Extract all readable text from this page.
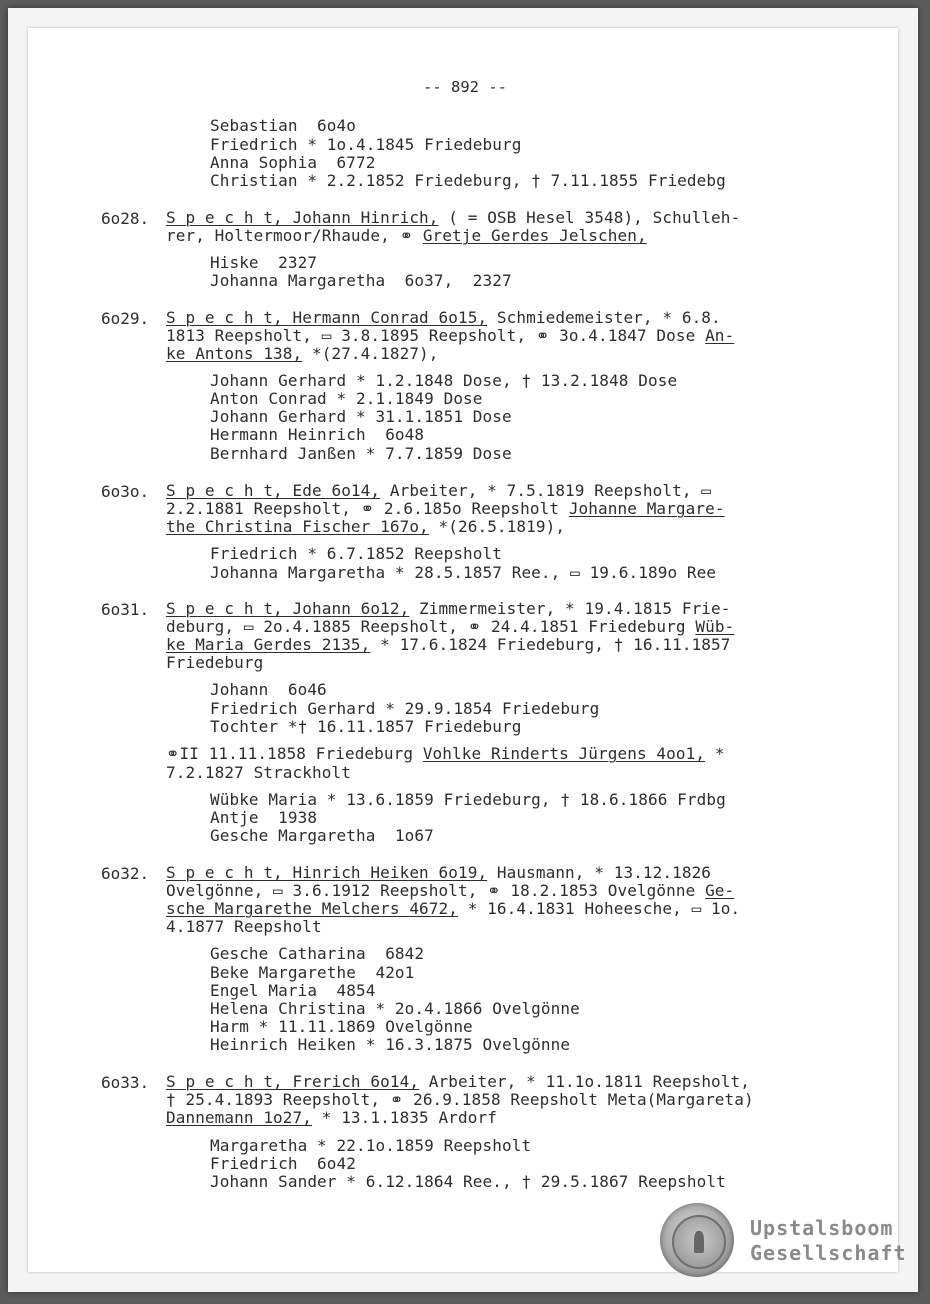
-- 892 --
Sebastian  6o4o
Friedrich * 1o.4.1845 Friedeburg
Anna Sophia  6772
Christian * 2.2.1852 Friedeburg, † 7.11.1855 Friedebg
6o28. S p e c h t, Johann Hinrich, ( = OSB Hesel 3548), Schulleh-
rer, Holtermoor/Rhaude, ⚭ Gretje Gerdes Jelschen,
Hiske  2327
Johanna Margaretha  6o37,  2327
6o29. S p e c h t, Hermann Conrad 6o15, Schmiedemeister, * 6.8.
1813 Reepsholt, ▭ 3.8.1895 Reepsholt, ⚭ 3o.4.1847 Dose An-
ke Antons 138, *(27.4.1827),
Johann Gerhard * 1.2.1848 Dose, † 13.2.1848 Dose
Anton Conrad * 2.1.1849 Dose
Johann Gerhard * 31.1.1851 Dose
Hermann Heinrich  6o48
Bernhard Janßen * 7.7.1859 Dose
6o3o. S p e c h t, Ede 6o14, Arbeiter, * 7.5.1819 Reepsholt, ▭
2.2.1881 Reepsholt, ⚭ 2.6.185o Reepsholt Johanne Margare-
the Christina Fischer 167o, *(26.5.1819),
Friedrich * 6.7.1852 Reepsholt
Johanna Margaretha * 28.5.1857 Ree., ▭ 19.6.189o Ree
6o31. S p e c h t, Johann 6o12, Zimmermeister, * 19.4.1815 Frie-
deburg, ▭ 2o.4.1885 Reepsholt, ⚭ 24.4.1851 Friedeburg Wüb-
ke Maria Gerdes 2135, * 17.6.1824 Friedeburg, † 16.11.1857
Friedeburg
Johann  6o46
Friedrich Gerhard * 29.9.1854 Friedeburg
Tochter *† 16.11.1857 Friedeburg
⚭II 11.11.1858 Friedeburg Vohlke Rinderts Jürgens 4oo1, *
7.2.1827 Strackholt
Wübke Maria * 13.6.1859 Friedeburg, † 18.6.1866 Frdbg
Antje  1938
Gesche Margaretha  1o67
6o32. S p e c h t, Hinrich Heiken 6o19, Hausmann, * 13.12.1826
Ovelgönne, ▭ 3.6.1912 Reepsholt, ⚭ 18.2.1853 Ovelgönne Ge-
sche Margarethe Melchers 4672, * 16.4.1831 Hoheesche, ▭ 1o.
4.1877 Reepsholt
Gesche Catharina  6842
Beke Margarethe  42o1
Engel Maria  4854
Helena Christina * 2o.4.1866 Ovelgönne
Harm * 11.11.1869 Ovelgönne
Heinrich Heiken * 16.3.1875 Ovelgönne
6o33. S p e c h t, Frerich 6o14, Arbeiter, * 11.1o.1811 Reepsholt,
† 25.4.1893 Reepsholt, ⚭ 26.9.1858 Reepsholt Meta(Margareta)
Dannemann 1o27, * 13.1.1835 Ardorf
Margaretha * 22.1o.1859 Reepsholt
Friedrich  6o42
Johann Sander * 6.12.1864 Ree., † 29.5.1867 Reepsholt
Upstalsboom
Gesellschaft
